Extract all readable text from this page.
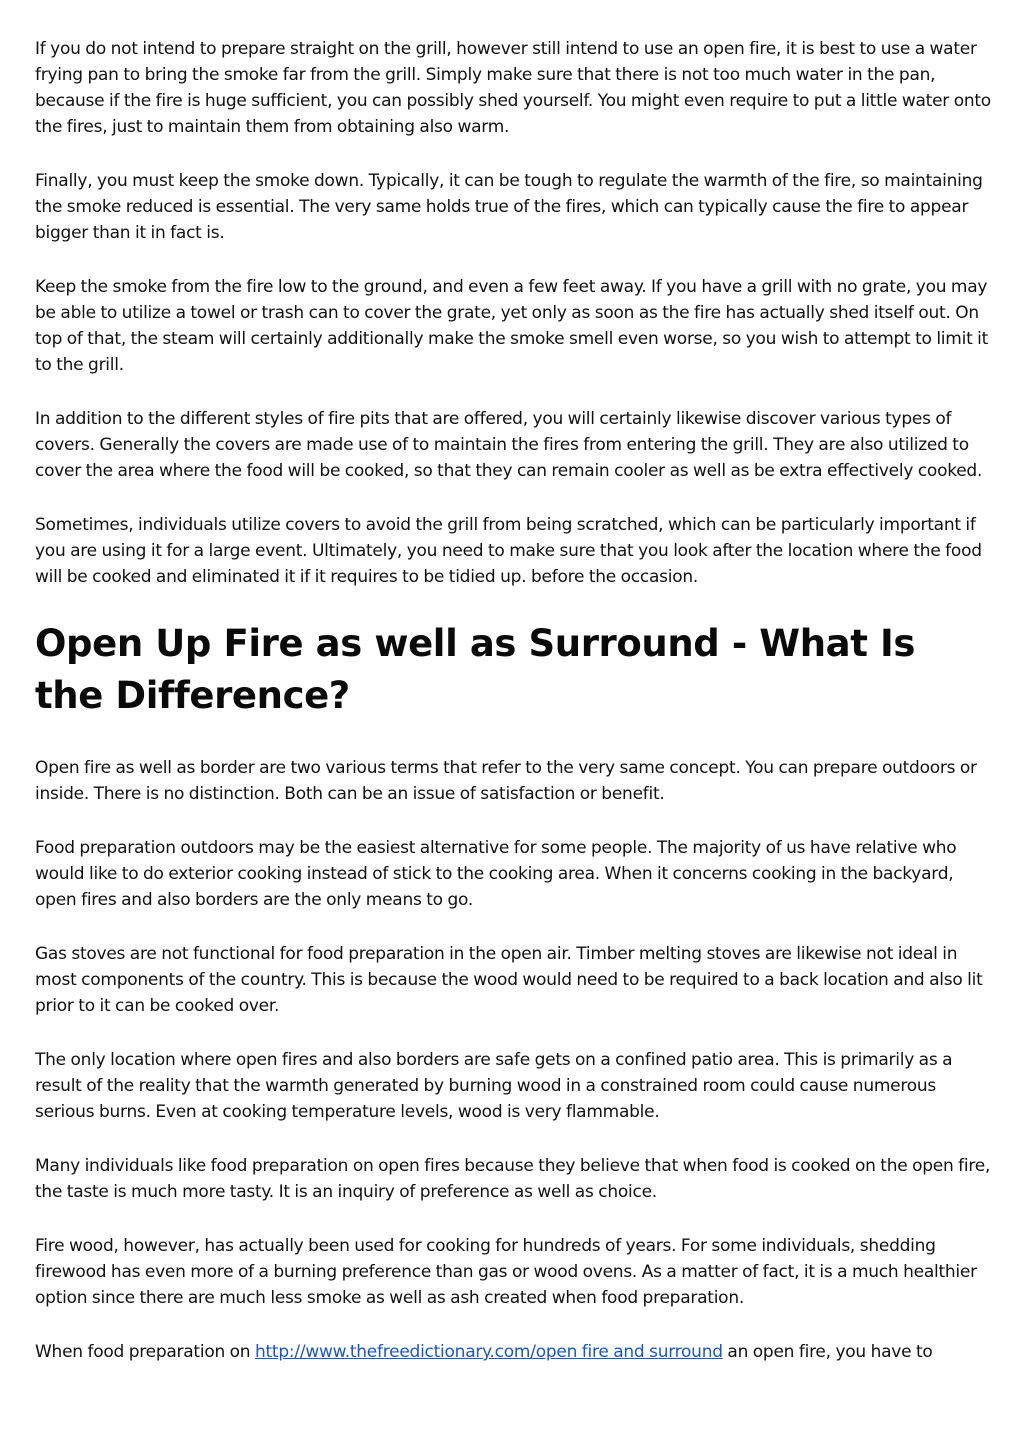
If you do not intend to prepare straight on the grill, however still intend to use an open fire, it is best to use a water frying pan to bring the smoke far from the grill. Simply make sure that there is not too much water in the pan, because if the fire is huge sufficient, you can possibly shed yourself. You might even require to put a little water onto the fires, just to maintain them from obtaining also warm.

Finally, you must keep the smoke down. Typically, it can be tough to regulate the warmth of the fire, so maintaining the smoke reduced is essential. The very same holds true of the fires, which can typically cause the fire to appear bigger than it in fact is.

Keep the smoke from the fire low to the ground, and even a few feet away. If you have a grill with no grate, you may be able to utilize a towel or trash can to cover the grate, yet only as soon as the fire has actually shed itself out. On top of that, the steam will certainly additionally make the smoke smell even worse, so you wish to attempt to limit it to the grill.

In addition to the different styles of fire pits that are offered, you will certainly likewise discover various types of covers. Generally the covers are made use of to maintain the fires from entering the grill. They are also utilized to cover the area where the food will be cooked, so that they can remain cooler as well as be extra effectively cooked.

Sometimes, individuals utilize covers to avoid the grill from being scratched, which can be particularly important if you are using it for a large event. Ultimately, you need to make sure that you look after the location where the food will be cooked and eliminated it if it requires to be tidied up. before the occasion.

Open Up Fire as well as Surround - What Is the Difference?

Open fire as well as border are two various terms that refer to the very same concept. You can prepare outdoors or inside. There is no distinction. Both can be an issue of satisfaction or benefit.

Food preparation outdoors may be the easiest alternative for some people. The majority of us have relative who would like to do exterior cooking instead of stick to the cooking area. When it concerns cooking in the backyard, open fires and also borders are the only means to go.

Gas stoves are not functional for food preparation in the open air. Timber melting stoves are likewise not ideal in most components of the country. This is because the wood would need to be required to a back location and also lit prior to it can be cooked over.

The only location where open fires and also borders are safe gets on a confined patio area. This is primarily as a result of the reality that the warmth generated by burning wood in a constrained room could cause numerous serious burns. Even at cooking temperature levels, wood is very flammable.

Many individuals like food preparation on open fires because they believe that when food is cooked on the open fire, the taste is much more tasty. It is an inquiry of preference as well as choice.

Fire wood, however, has actually been used for cooking for hundreds of years. For some individuals, shedding firewood has even more of a burning preference than gas or wood ovens. As a matter of fact, it is a much healthier option since there are much less smoke as well as ash created when food preparation.

When food preparation on http://www.thefreedictionary.com/open fire and surround an open fire, you have to
